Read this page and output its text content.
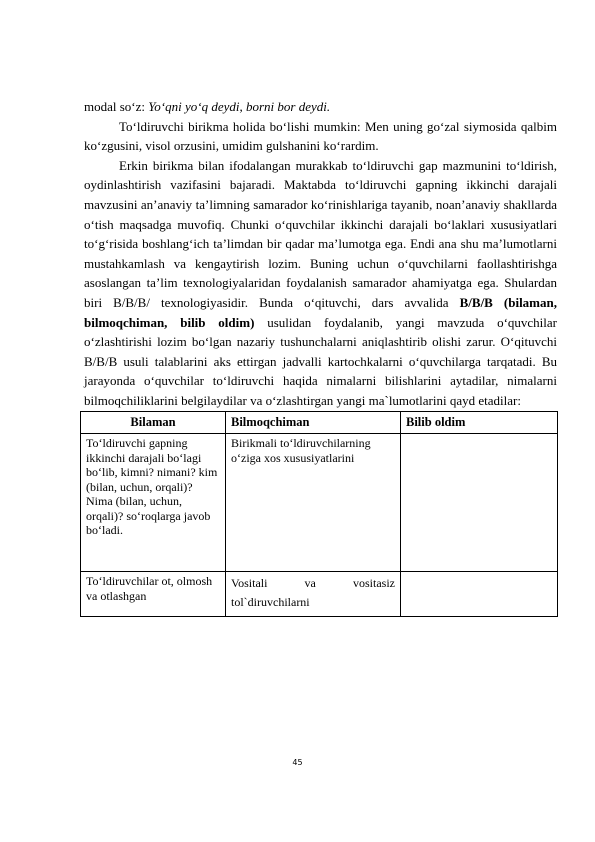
modal so‘z: Yo‘qni yo‘q deydi, borni bor deydi.

To‘ldiruvchi birikma holida bo‘lishi mumkin: Men uning go‘zal siymosida qalbim ko‘zgusini, visol orzusini, umidim gulshanini ko‘rardim.

Erkin birikma bilan ifodalangan murakkab to‘ldiruvchi gap mazmunini to‘ldirish, oydinlashtirish vazifasini bajaradi. Maktabda to‘ldiruvchi gapning ikkinchi darajali mavzusini an’anaviy ta’limning samarador ko‘rinishlariga tayanib, noan’anaviy shakllarda o‘tish maqsadga muvofiq. Chunki o‘quvchilar ikkinchi darajali bo‘laklari xususiyatlari to‘g‘risida boshlang‘ich ta’limdan bir qadar ma’lumotga ega. Endi ana shu ma’lumotlarni mustahkamlash va kengaytirish lozim. Buning uchun o‘quvchilarni faollashtirishga asoslangan ta’lim texnologiyalaridan foydalanish samarador ahamiyatga ega. Shulardan biri B/B/B/ texnologiyasidir. Bunda o‘qituvchi, dars avvalida B/B/B (bilaman, bilmoqchiman, bilib oldim) usulidan foydalanib, yangi mavzuda o‘quvchilar o‘zlashtirishi lozim bo‘lgan nazariy tushunchalarni aniqlashtirib olishi zarur. O‘qituvchi B/B/B usuli talablarini aks ettirgan jadvalli kartochkalarni o‘quvchilarga tarqatadi. Bu jarayonda o‘quvchilar to‘ldiruvchi haqida nimalarni bilishlarini aytadilar, nimalarni bilmoqchiliklarini belgilaydilar va o‘zlashtirgan yangi ma`lumotlarini qayd etadilar:

Bilaman	Bilmoqchiman	Bilib oldim
To‘ldiruvchi gapning ikkinchi darajali bo‘lagi bo‘lib, kimni? nimani? kim (bilan, uchun, orqali)? Nima (bilan, uchun, orqali)? so‘roqlarga javob bo‘ladi.	Birikmali to‘ldiruvchilarning o‘ziga xos xususiyatlarini	
To‘ldiruvchilar ot, olmosh va otlashgan	Vositali va vositasiz tol`diruvchilarni	
45
